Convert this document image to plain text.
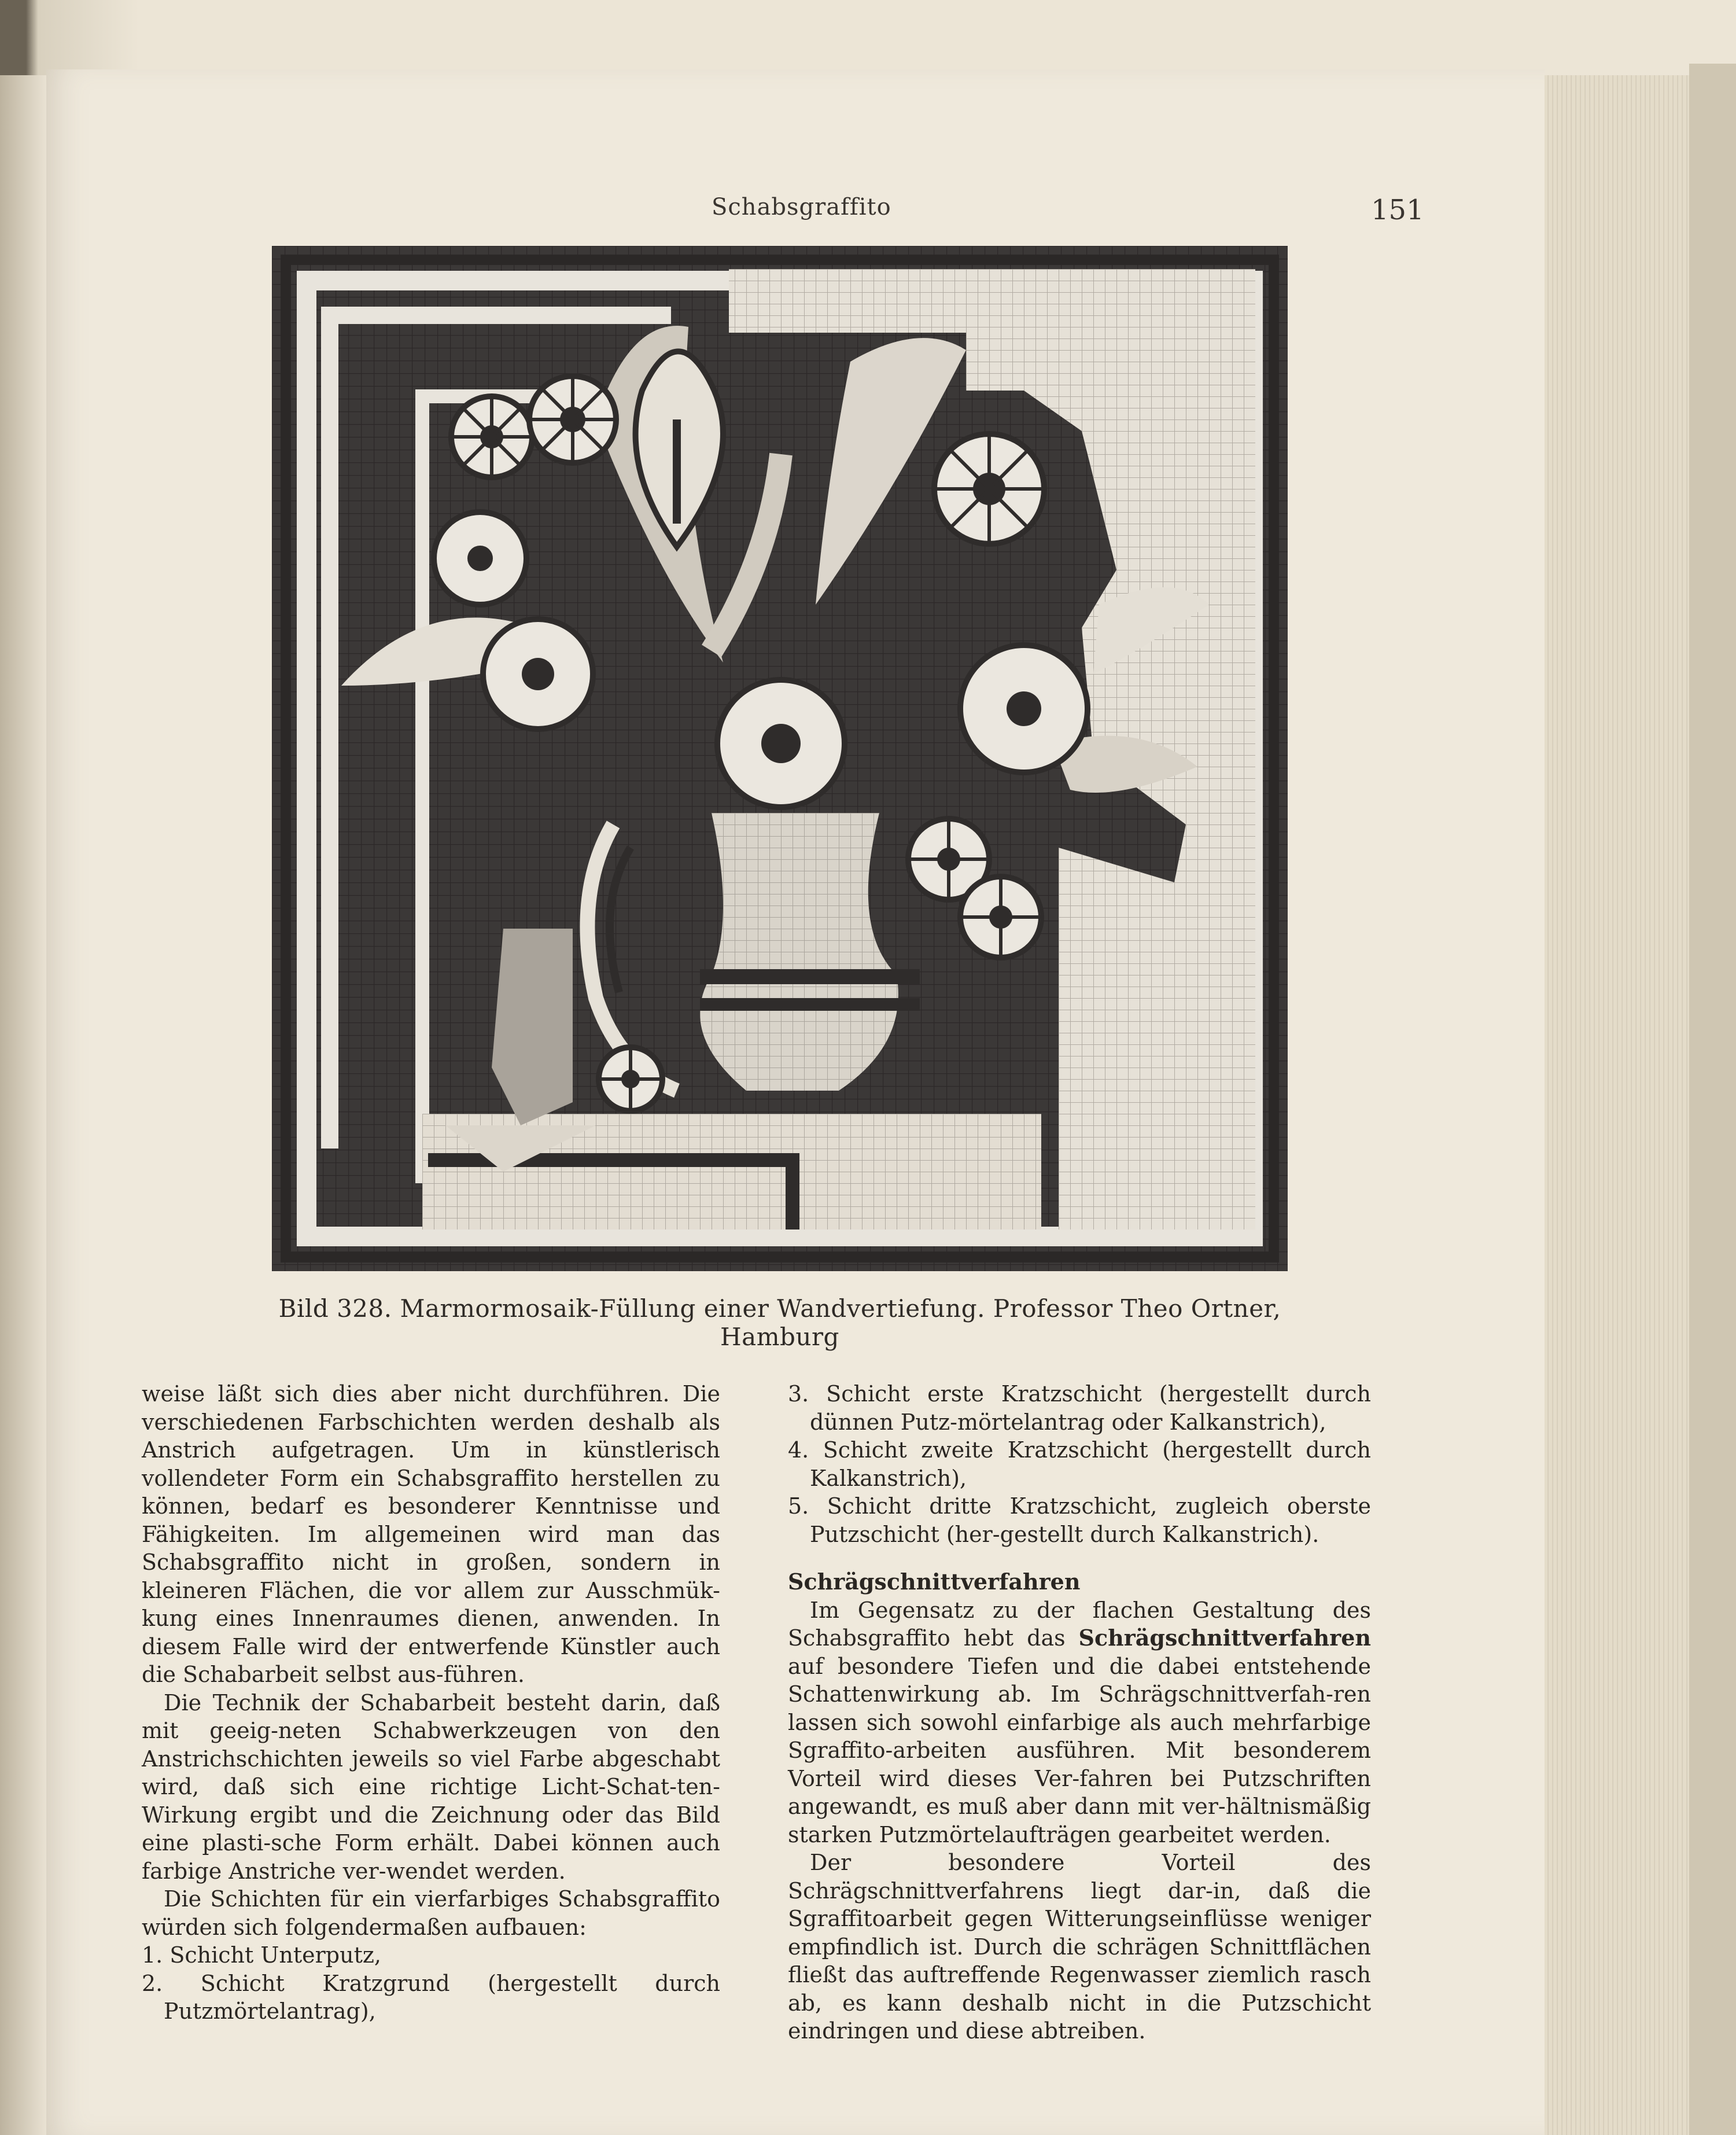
Schabsgraffito	151
Bild 328. Marmormosaik-Füllung einer Wandvertiefung. Professor Theo Ortner, Hamburg

weise läßt sich dies aber nicht durchführen. Die verschiedenen Farbschichten werden deshalb als Anstrich aufgetragen. Um in künstlerisch vollendeter Form ein Schabsgraffito herstellen zu können, bedarf es besonderer Kenntnisse und Fähigkeiten. Im allgemeinen wird man das Schabsgraffito nicht in großen, sondern in kleineren Flächen, die vor allem zur Ausschmük-kung eines Innenraumes dienen, anwenden. In diesem Falle wird der entwerfende Künstler auch die Schabarbeit selbst aus-führen.

Die Technik der Schabarbeit besteht darin, daß mit geeig-neten Schabwerkzeugen von den Anstrichschichten jeweils so viel Farbe abgeschabt wird, daß sich eine richtige Licht-Schat-ten-Wirkung ergibt und die Zeichnung oder das Bild eine plasti-sche Form erhält. Dabei können auch farbige Anstriche ver-wendet werden.

Die Schichten für ein vierfarbiges Schabsgraffito würden sich folgendermaßen aufbauen:

1. Schicht Unterputz,

2. Schicht Kratzgrund (hergestellt durch Putzmörtelantrag),

3. Schicht erste Kratzschicht (hergestellt durch dünnen Putz-mörtelantrag oder Kalkanstrich),

4. Schicht zweite Kratzschicht (hergestellt durch Kalkanstrich),

5. Schicht dritte Kratzschicht, zugleich oberste Putzschicht (her-gestellt durch Kalkanstrich).

Schrägschnittverfahren

Im Gegensatz zu der flachen Gestaltung des Schabsgraffito hebt das Schrägschnittverfahren auf besondere Tiefen und die dabei entstehende Schattenwirkung ab. Im Schrägschnittverfah-ren lassen sich sowohl einfarbige als auch mehrfarbige Sgraffito-arbeiten ausführen. Mit besonderem Vorteil wird dieses Ver-fahren bei Putzschriften angewandt, es muß aber dann mit ver-hältnismäßig starken Putzmörtelaufträgen gearbeitet werden.

Der besondere Vorteil des Schrägschnittverfahrens liegt dar-in, daß die Sgraffitoarbeit gegen Witterungseinflüsse weniger empfindlich ist. Durch die schrägen Schnittflächen fließt das auftreffende Regenwasser ziemlich rasch ab, es kann deshalb nicht in die Putzschicht eindringen und diese abtreiben.
